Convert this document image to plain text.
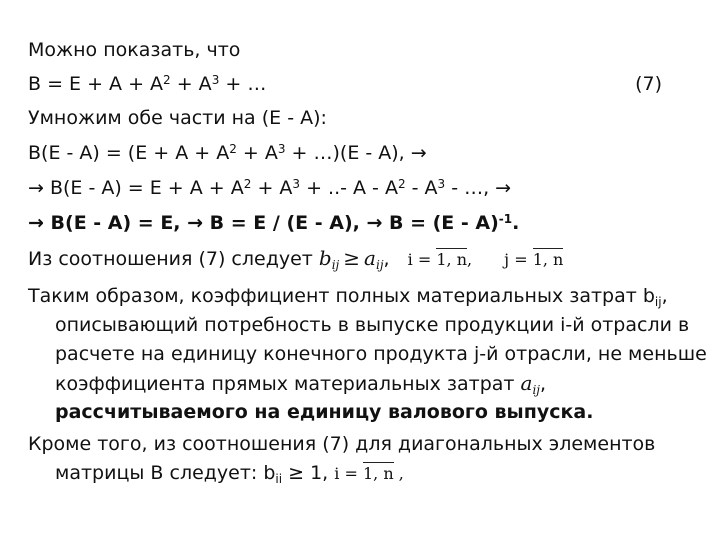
Можно показать, что
$B = E + A + A^2 + A^3$ + …	(7)
Умножим обе части на (E - A):
$B(E - A) = (E + A + A^2 + A^3$ + …)(E - A), →
→ $B(E - A) = E + A + A^2 + A^3$ + ..- A - $A^2 - A^3$ - …, →
→ B(E - A) = E, → B = E / (E - A), → B = (E - A)$^{-1}$.
Из соотношения (7) следует $b_{ij} \ge a_{ij}$, i = 1, n, j = 1, n
Таким образом, коэффициент полных материальных затрат $b_{ij}$,
описывающий потребность в выпуске продукции i-й отрасли в
расчете на единицу конечного продукта j-й отрасли, не меньше
коэффициента прямых материальных затрат $a_{ij}$,
рассчитываемого на единицу валового выпуска.
Кроме того, из соотношения (7) для диагональных элементов
матрицы B следует: $b_{ii} \ge 1$, i = 1, n ,
